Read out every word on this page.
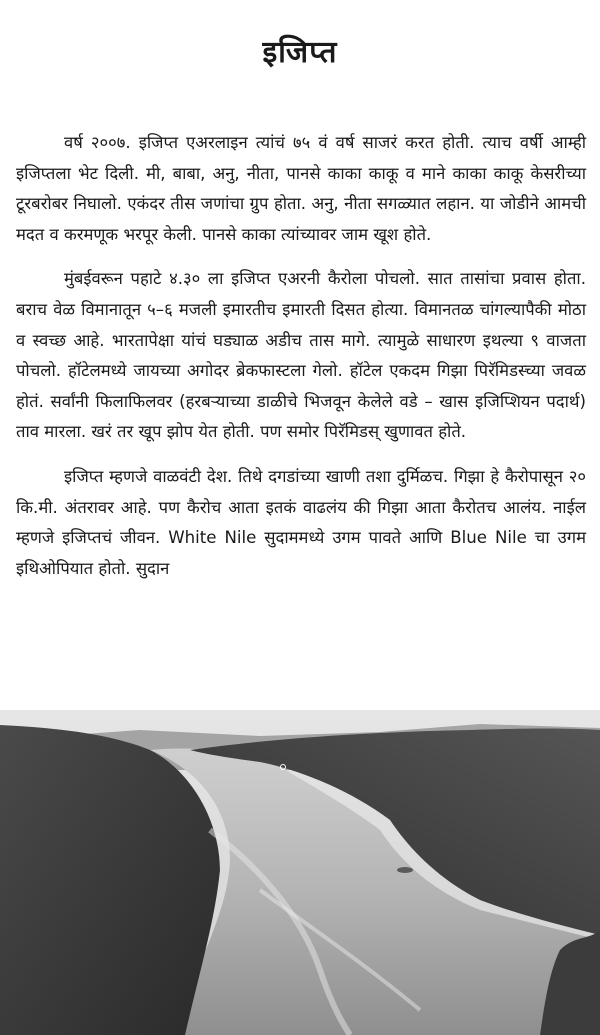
इजिप्त

वर्ष २००७. इजिप्त एअरलाइन त्यांचं ७५ वं वर्ष साजरं करत होती. त्याच वर्षी आम्ही इजिप्तला भेट दिली. मी, बाबा, अनु, नीता, पानसे काका काकू व माने काका काकू केसरीच्या टूरबरोबर निघालो. एकंदर तीस जणांचा ग्रुप होता. अनु, नीता सगळ्यात लहान. या जोडीने आमची मदत व करमणूक भरपूर केली. पानसे काका त्यांच्यावर जाम खूश होते.

मुंबईवरून पहाटे ४.३० ला इजिप्त एअरनी कैरोला पोचलो. सात तासांचा प्रवास होता. बराच वेळ विमानातून ५–६ मजली इमारतीच इमारती दिसत होत्या. विमानतळ चांगल्यापैकी मोठा व स्वच्छ आहे. भारतापेक्षा यांचं घड्याळ अडीच तास मागे. त्यामुळे साधारण इथल्या ९ वाजता पोचलो. हॉटेलमध्ये जायच्या अगोदर ब्रेकफास्टला गेलो. हॉटेल एकदम गिझा पिरॅमिडस्च्या जवळ होतं. सर्वांनी फिलाफिलवर (हरबऱ्याच्या डाळीचे भिजवून केलेले वडे – खास इजिप्शियन पदार्थ) ताव मारला. खरं तर खूप झोप येत होती. पण समोर पिरॅमिडस् खुणावत होते.

इजिप्त म्हणजे वाळवंटी देश. तिथे दगडांच्या खाणी तशा दुर्मिळच. गिझा हे कैरोपासून २० कि.मी. अंतरावर आहे. पण कैरोच आता इतकं वाढलंय की गिझा आता कैरोतच आलंय. नाईल म्हणजे इजिप्तचं जीवन. White Nile सुदाममध्ये उगम पावते आणि Blue Nile चा उगम इथिओपियात होतो. सुदान
